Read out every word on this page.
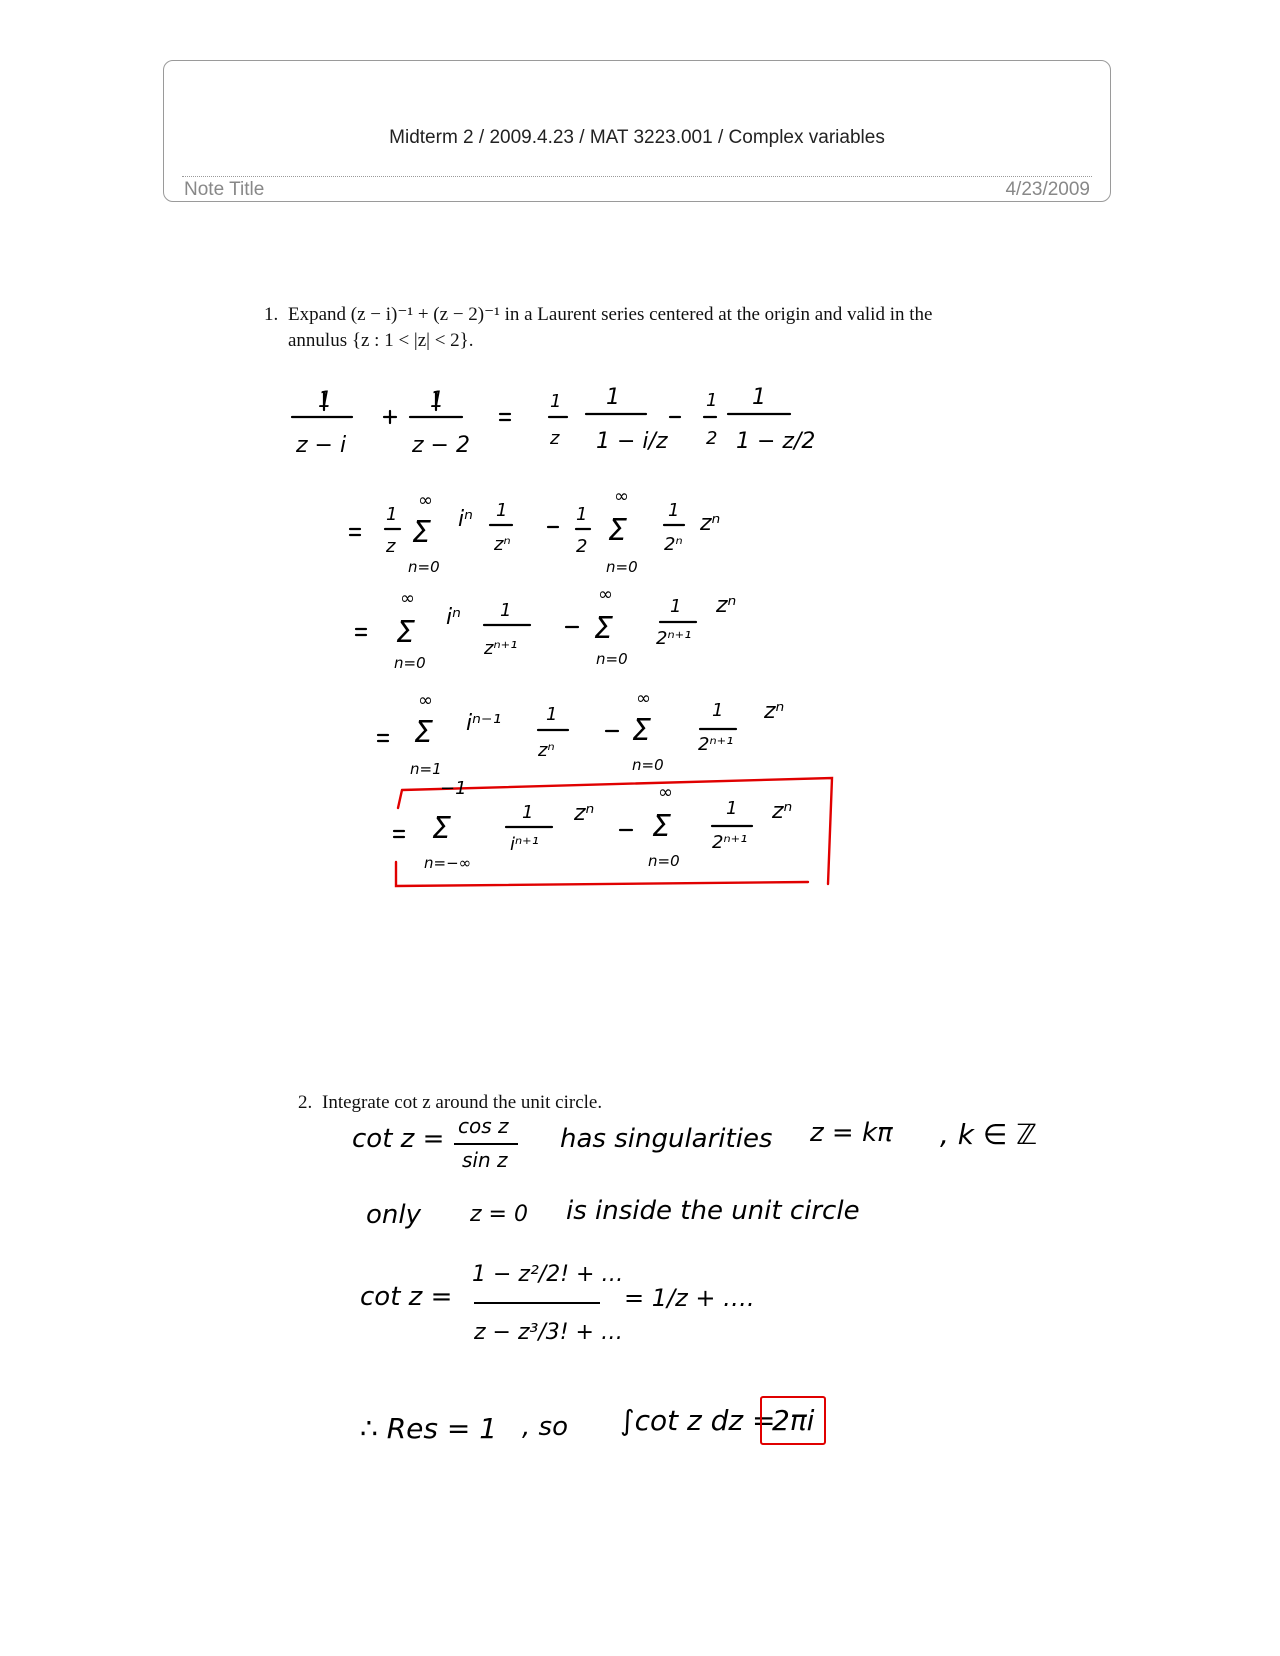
Midterm 2 / 2009.4.23 / MAT 3223.001 / Complex variables
Note Title	4/23/2009
1. Expand (z − i)⁻¹ + (z − 2)⁻¹ in a Laurent series centered at the origin and valid in the
annulus {z : 1 < |z| < 2}.
1
z − i
1
z − 2
1
z
1
1 − i/z
1
2
1
1 − z/2
1
z
∞
Σ
n=0
iⁿ 1
zⁿ
1
2
∞
Σ
n=0
1
2ⁿ
zⁿ
∞
Σ
n=0
iⁿ 1
zⁿ⁺¹
∞
Σ
n=0
1
2ⁿ⁺¹
zⁿ
∞
Σ
n=1
iⁿ⁻¹ 1
zⁿ
∞
Σ
n=0
1
2ⁿ⁺¹
zⁿ
−1
Σ
n=−∞
1
iⁿ⁺¹
zⁿ
∞
Σ
n=0
1
2ⁿ⁺¹
zⁿ
2. Integrate cot z around the unit circle.
cot z = cos z
sin z
has singularities z = kπ , k ∈ ℤ
only z = 0 is inside the unit circle
cot z =
1 − z²/2! + …
z − z³/3! + …
= 1/z + ….
∴ Res = 1 , so ∫cot z dz =
2πi
